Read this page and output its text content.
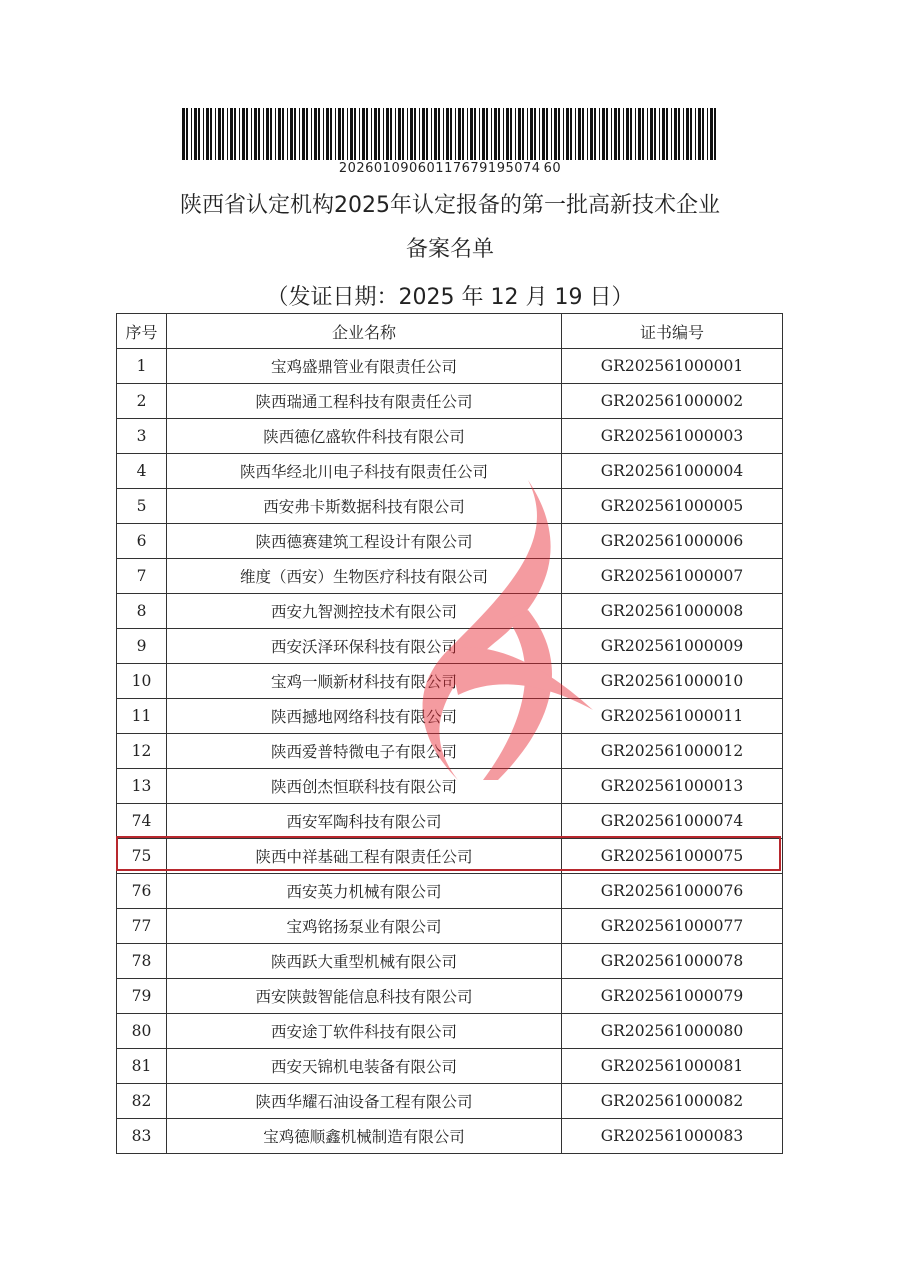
20260109060117679195074 60
陕西省认定机构2025年认定报备的第一批高新技术企业
备案名单
（发证日期：2025 年 12 月 19 日）
序号	企业名称	证书编号
1	宝鸡盛鼎管业有限责任公司	GR202561000001
2	陕西瑞通工程科技有限责任公司	GR202561000002
3	陕西德亿盛软件科技有限公司	GR202561000003
4	陕西华经北川电子科技有限责任公司	GR202561000004
5	西安弗卡斯数据科技有限公司	GR202561000005
6	陕西德赛建筑工程设计有限公司	GR202561000006
7	维度（西安）生物医疗科技有限公司	GR202561000007
8	西安九智测控技术有限公司	GR202561000008
9	西安沃泽环保科技有限公司	GR202561000009
10	宝鸡一顺新材科技有限公司	GR202561000010
11	陕西撼地网络科技有限公司	GR202561000011
12	陕西爱普特微电子有限公司	GR202561000012
13	陕西创杰恒联科技有限公司	GR202561000013
74	西安军陶科技有限公司	GR202561000074
75	陕西中祥基础工程有限责任公司	GR202561000075
76	西安英力机械有限公司	GR202561000076
77	宝鸡铭扬泵业有限公司	GR202561000077
78	陕西跃大重型机械有限公司	GR202561000078
79	西安陕鼓智能信息科技有限公司	GR202561000079
80	西安途丁软件科技有限公司	GR202561000080
81	西安天锦机电装备有限公司	GR202561000081
82	陕西华耀石油设备工程有限公司	GR202561000082
83	宝鸡德顺鑫机械制造有限公司	GR202561000083
